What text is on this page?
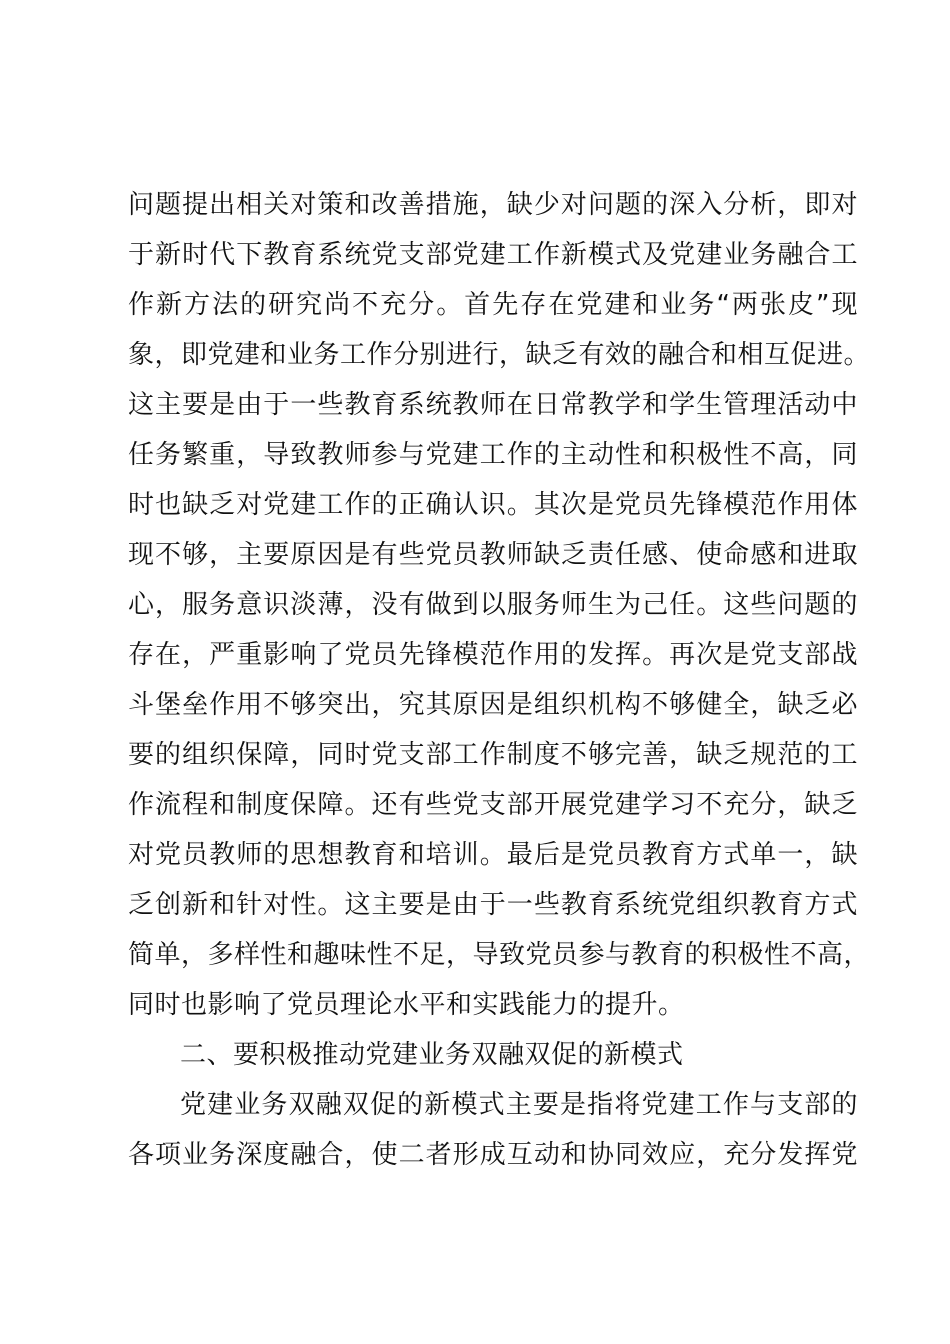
问题提出相关对策和改善措施，缺少对问题的深入分析，即对
于新时代下教育系统党支部党建工作新模式及党建业务融合工
作新方法的研究尚不充分。首先存在党建和业务“两张皮”现
象，即党建和业务工作分别进行，缺乏有效的融合和相互促进。
这主要是由于一些教育系统教师在日常教学和学生管理活动中
任务繁重，导致教师参与党建工作的主动性和积极性不高，同
时也缺乏对党建工作的正确认识。其次是党员先锋模范作用体
现不够，主要原因是有些党员教师缺乏责任感、使命感和进取
心，服务意识淡薄，没有做到以服务师生为己任。这些问题的
存在，严重影响了党员先锋模范作用的发挥。再次是党支部战
斗堡垒作用不够突出，究其原因是组织机构不够健全，缺乏必
要的组织保障，同时党支部工作制度不够完善，缺乏规范的工
作流程和制度保障。还有些党支部开展党建学习不充分，缺乏
对党员教师的思想教育和培训。最后是党员教育方式单一，缺
乏创新和针对性。这主要是由于一些教育系统党组织教育方式
简单，多样性和趣味性不足，导致党员参与教育的积极性不高，
同时也影响了党员理论水平和实践能力的提升。
二、要积极推动党建业务双融双促的新模式
党建业务双融双促的新模式主要是指将党建工作与支部的
各项业务深度融合，使二者形成互动和协同效应，充分发挥党
